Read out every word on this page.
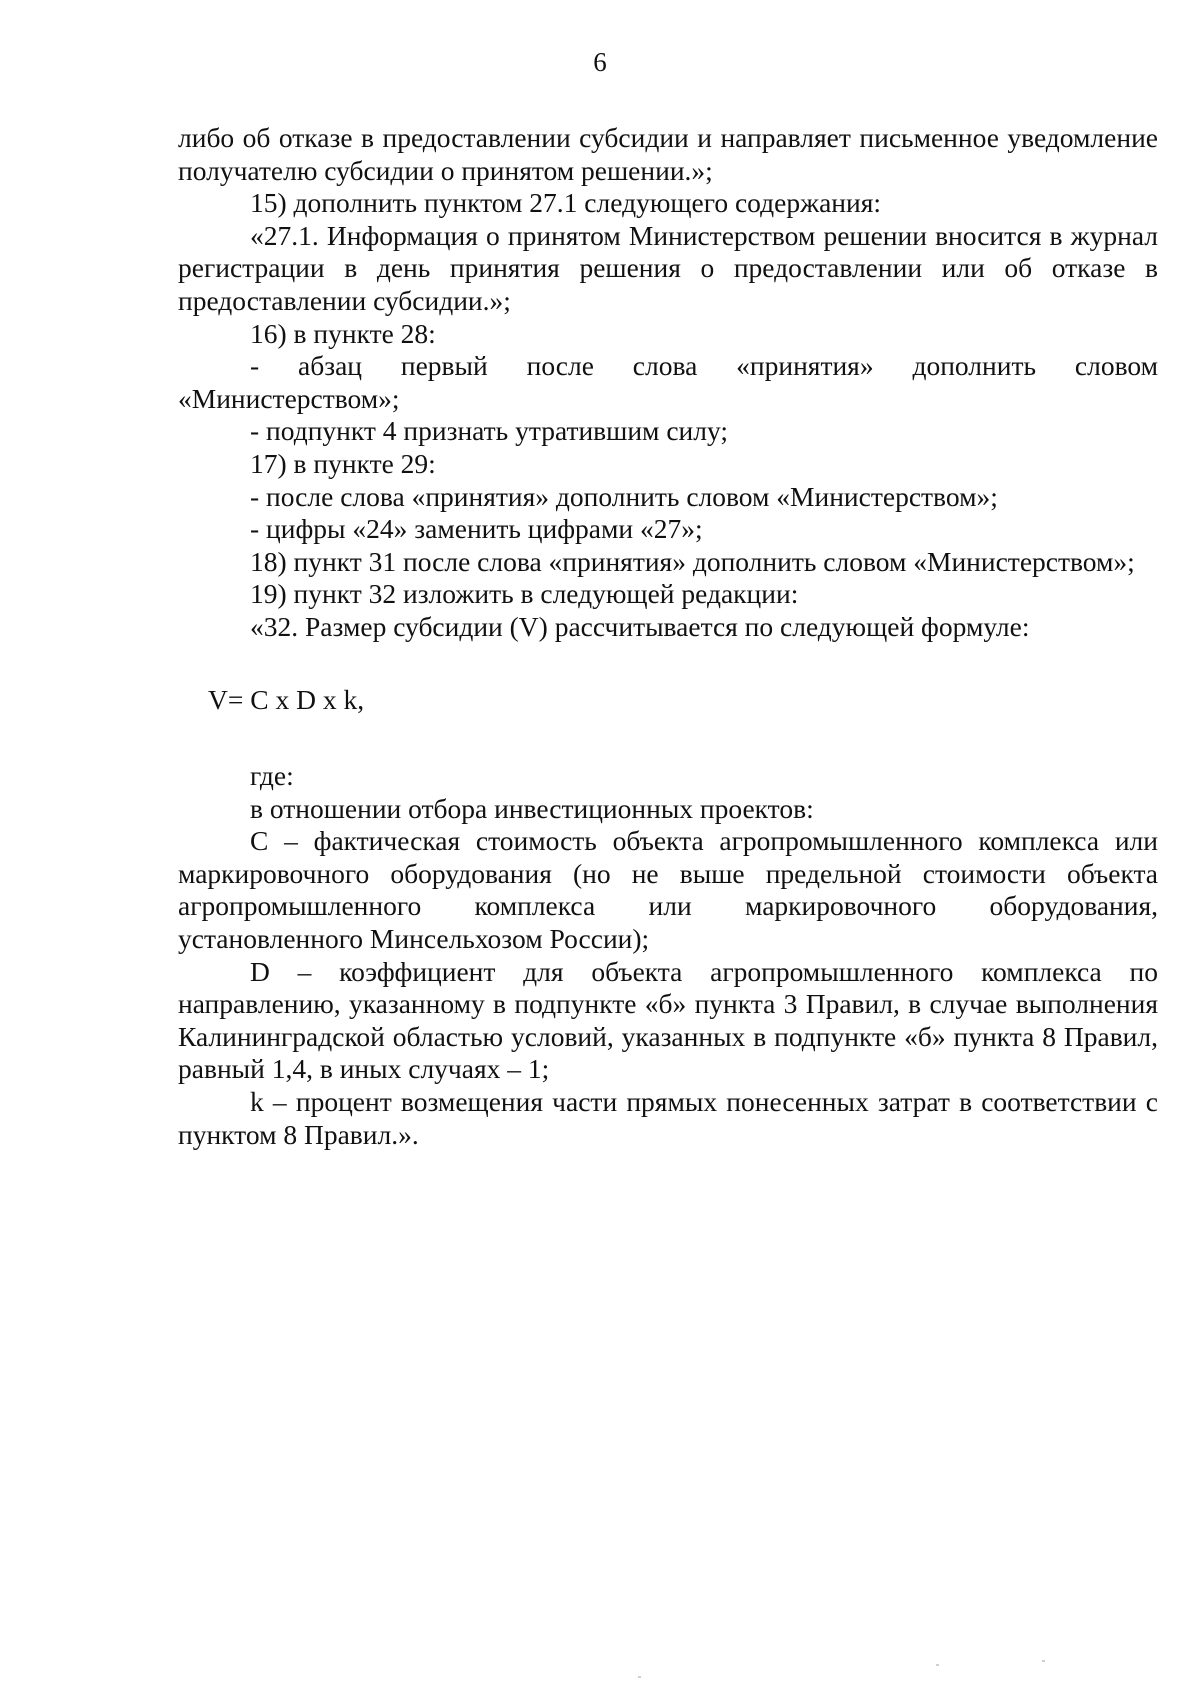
6

либо об отказе в предоставлении субсидии и направляет письменное уведомление получателю субсидии о принятом решении.»;

15) дополнить пунктом 27.1 следующего содержания:

«27.1. Информация о принятом Министерством решении вносится в журнал регистрации в день принятия решения о предоставлении или об отказе в предоставлении субсидии.»;

16) в пункте 28:

- абзац первый после слова «принятия» дополнить словом «Министерством»;

- подпункт 4 признать утратившим силу;

17) в пункте 29:

- после слова «принятия» дополнить словом «Министерством»;

- цифры «24» заменить цифрами «27»;

18) пункт 31 после слова «принятия» дополнить словом «Министерством»;

19) пункт 32 изложить в следующей редакции:

«32. Размер субсидии (V) рассчитывается по следующей формуле:

V= C x D x k,

где:

в отношении отбора инвестиционных проектов:

С – фактическая стоимость объекта агропромышленного комплекса или маркировочного оборудования (но не выше предельной стоимости объекта агропромышленного комплекса или маркировочного оборудования, установленного Минсельхозом России);

D – коэффициент для объекта агропромышленного комплекса по направлению, указанному в подпункте «б» пункта 3 Правил, в случае выполнения Калининградской областью условий, указанных в подпункте «б» пункта 8 Правил, равный 1,4, в иных случаях – 1;

k – процент возмещения части прямых понесенных затрат в соответствии с пунктом 8 Правил.».
